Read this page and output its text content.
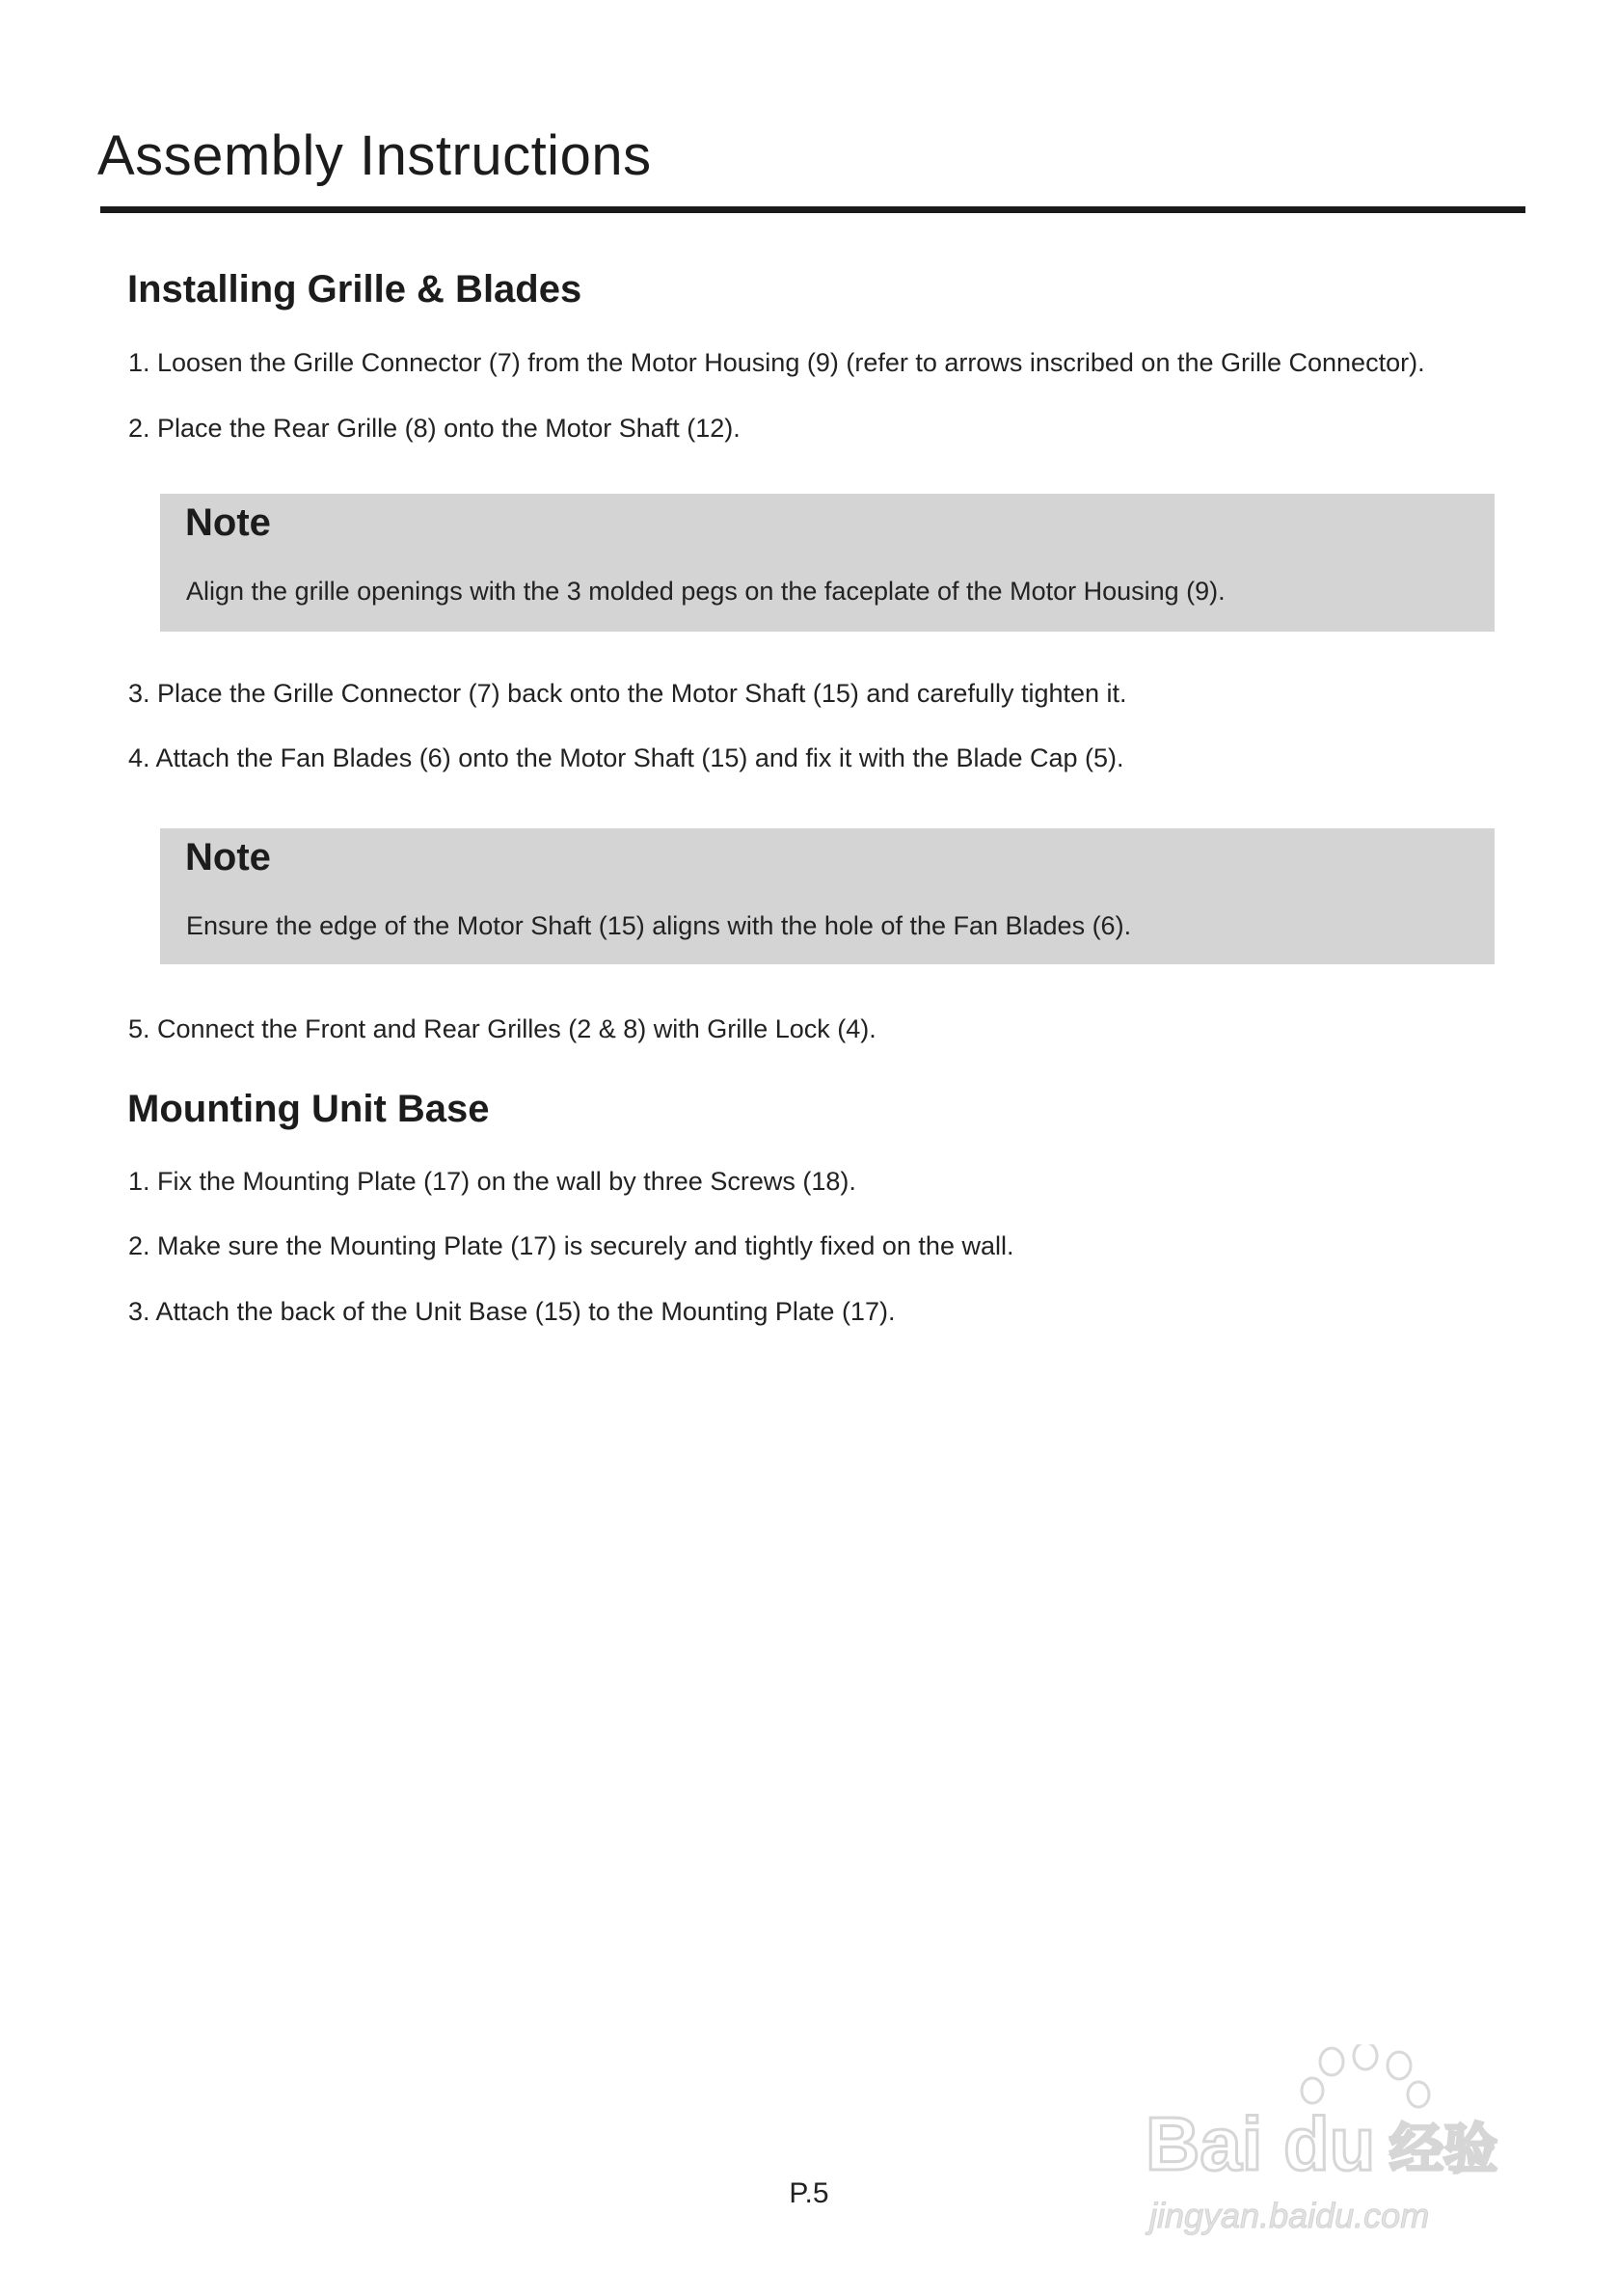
Assembly Instructions
Installing Grille & Blades

1. Loosen the Grille Connector (7) from the Motor Housing (9) (refer to arrows inscribed on the Grille Connector).

2. Place the Rear Grille (8) onto the Motor Shaft (12).

Note

Align the grille openings with the 3 molded pegs on the faceplate of the Motor Housing (9).

3. Place the Grille Connector (7) back onto the Motor Shaft (15) and carefully tighten it.

4. Attach the Fan Blades (6) onto the Motor Shaft (15) and fix it with the Blade Cap (5).

Note

Ensure the edge of the Motor Shaft (15) aligns with the hole of the Fan Blades (6).

5. Connect the Front and Rear Grilles (2 & 8) with Grille Lock (4).

Mounting Unit Base

1. Fix the Mounting Plate (17) on the wall by three Screws (18).

2. Make sure the Mounting Plate (17) is securely and tightly fixed on the wall.

3. Attach the back of the Unit Base (15) to the Mounting Plate (17).

P.5
Bai du 经验
jingyan.baidu.com
